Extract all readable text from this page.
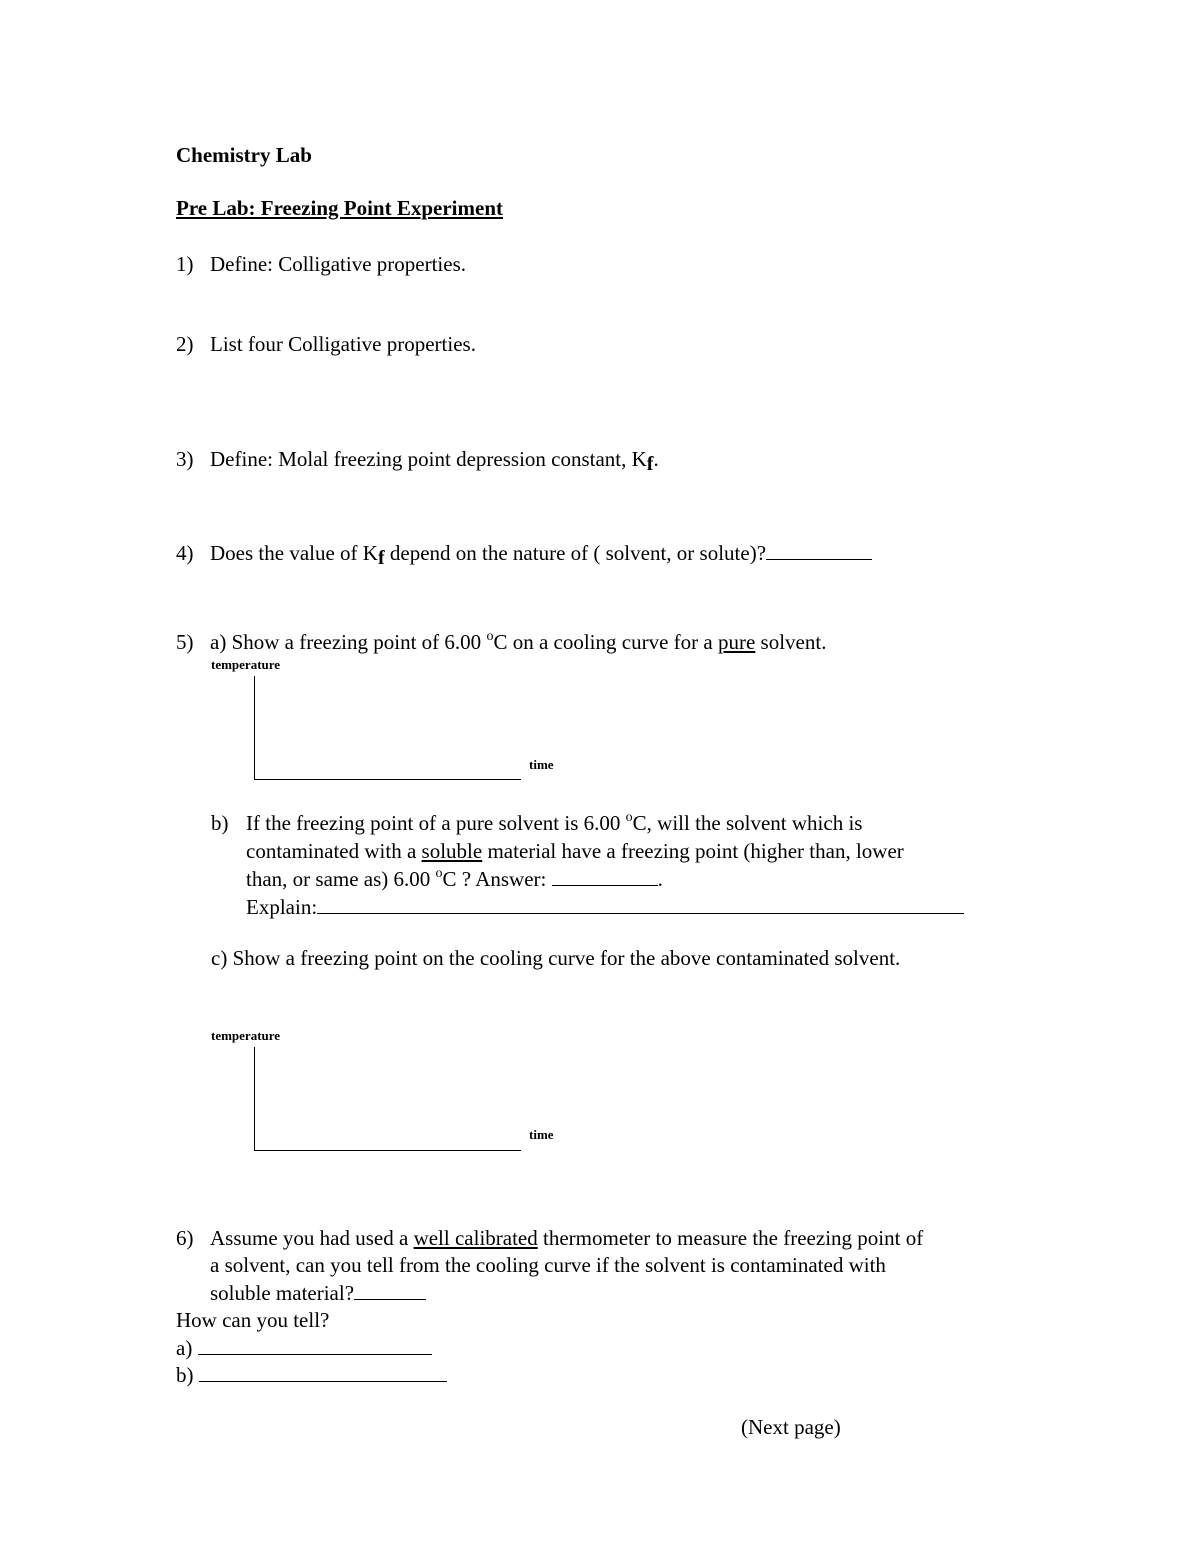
Chemistry Lab
Pre Lab: Freezing Point Experiment
1) Define: Colligative properties.
2) List four Colligative properties.
3) Define: Molal freezing point depression constant, Kf.
4) Does the value of Kf depend on the nature of ( solvent, or solute)?
5) a) Show a freezing point of 6.00 $^o$C on a cooling curve for a pure solvent.
temperature
time
b) If the freezing point of a pure solvent is 6.00 $^o$C, will the solvent which is
contaminated with a soluble material have a freezing point (higher than, lower
than, or same as) 6.00 $^o$C ? Answer:	.
Explain:
c) Show a freezing point on the cooling curve for the above contaminated solvent.
temperature
time
6) Assume you had used a well calibrated thermometer to measure the freezing point of
a solvent, can you tell from the cooling curve if the solvent is contaminated with
soluble material?
How can you tell?
a)
b)
(Next page)
